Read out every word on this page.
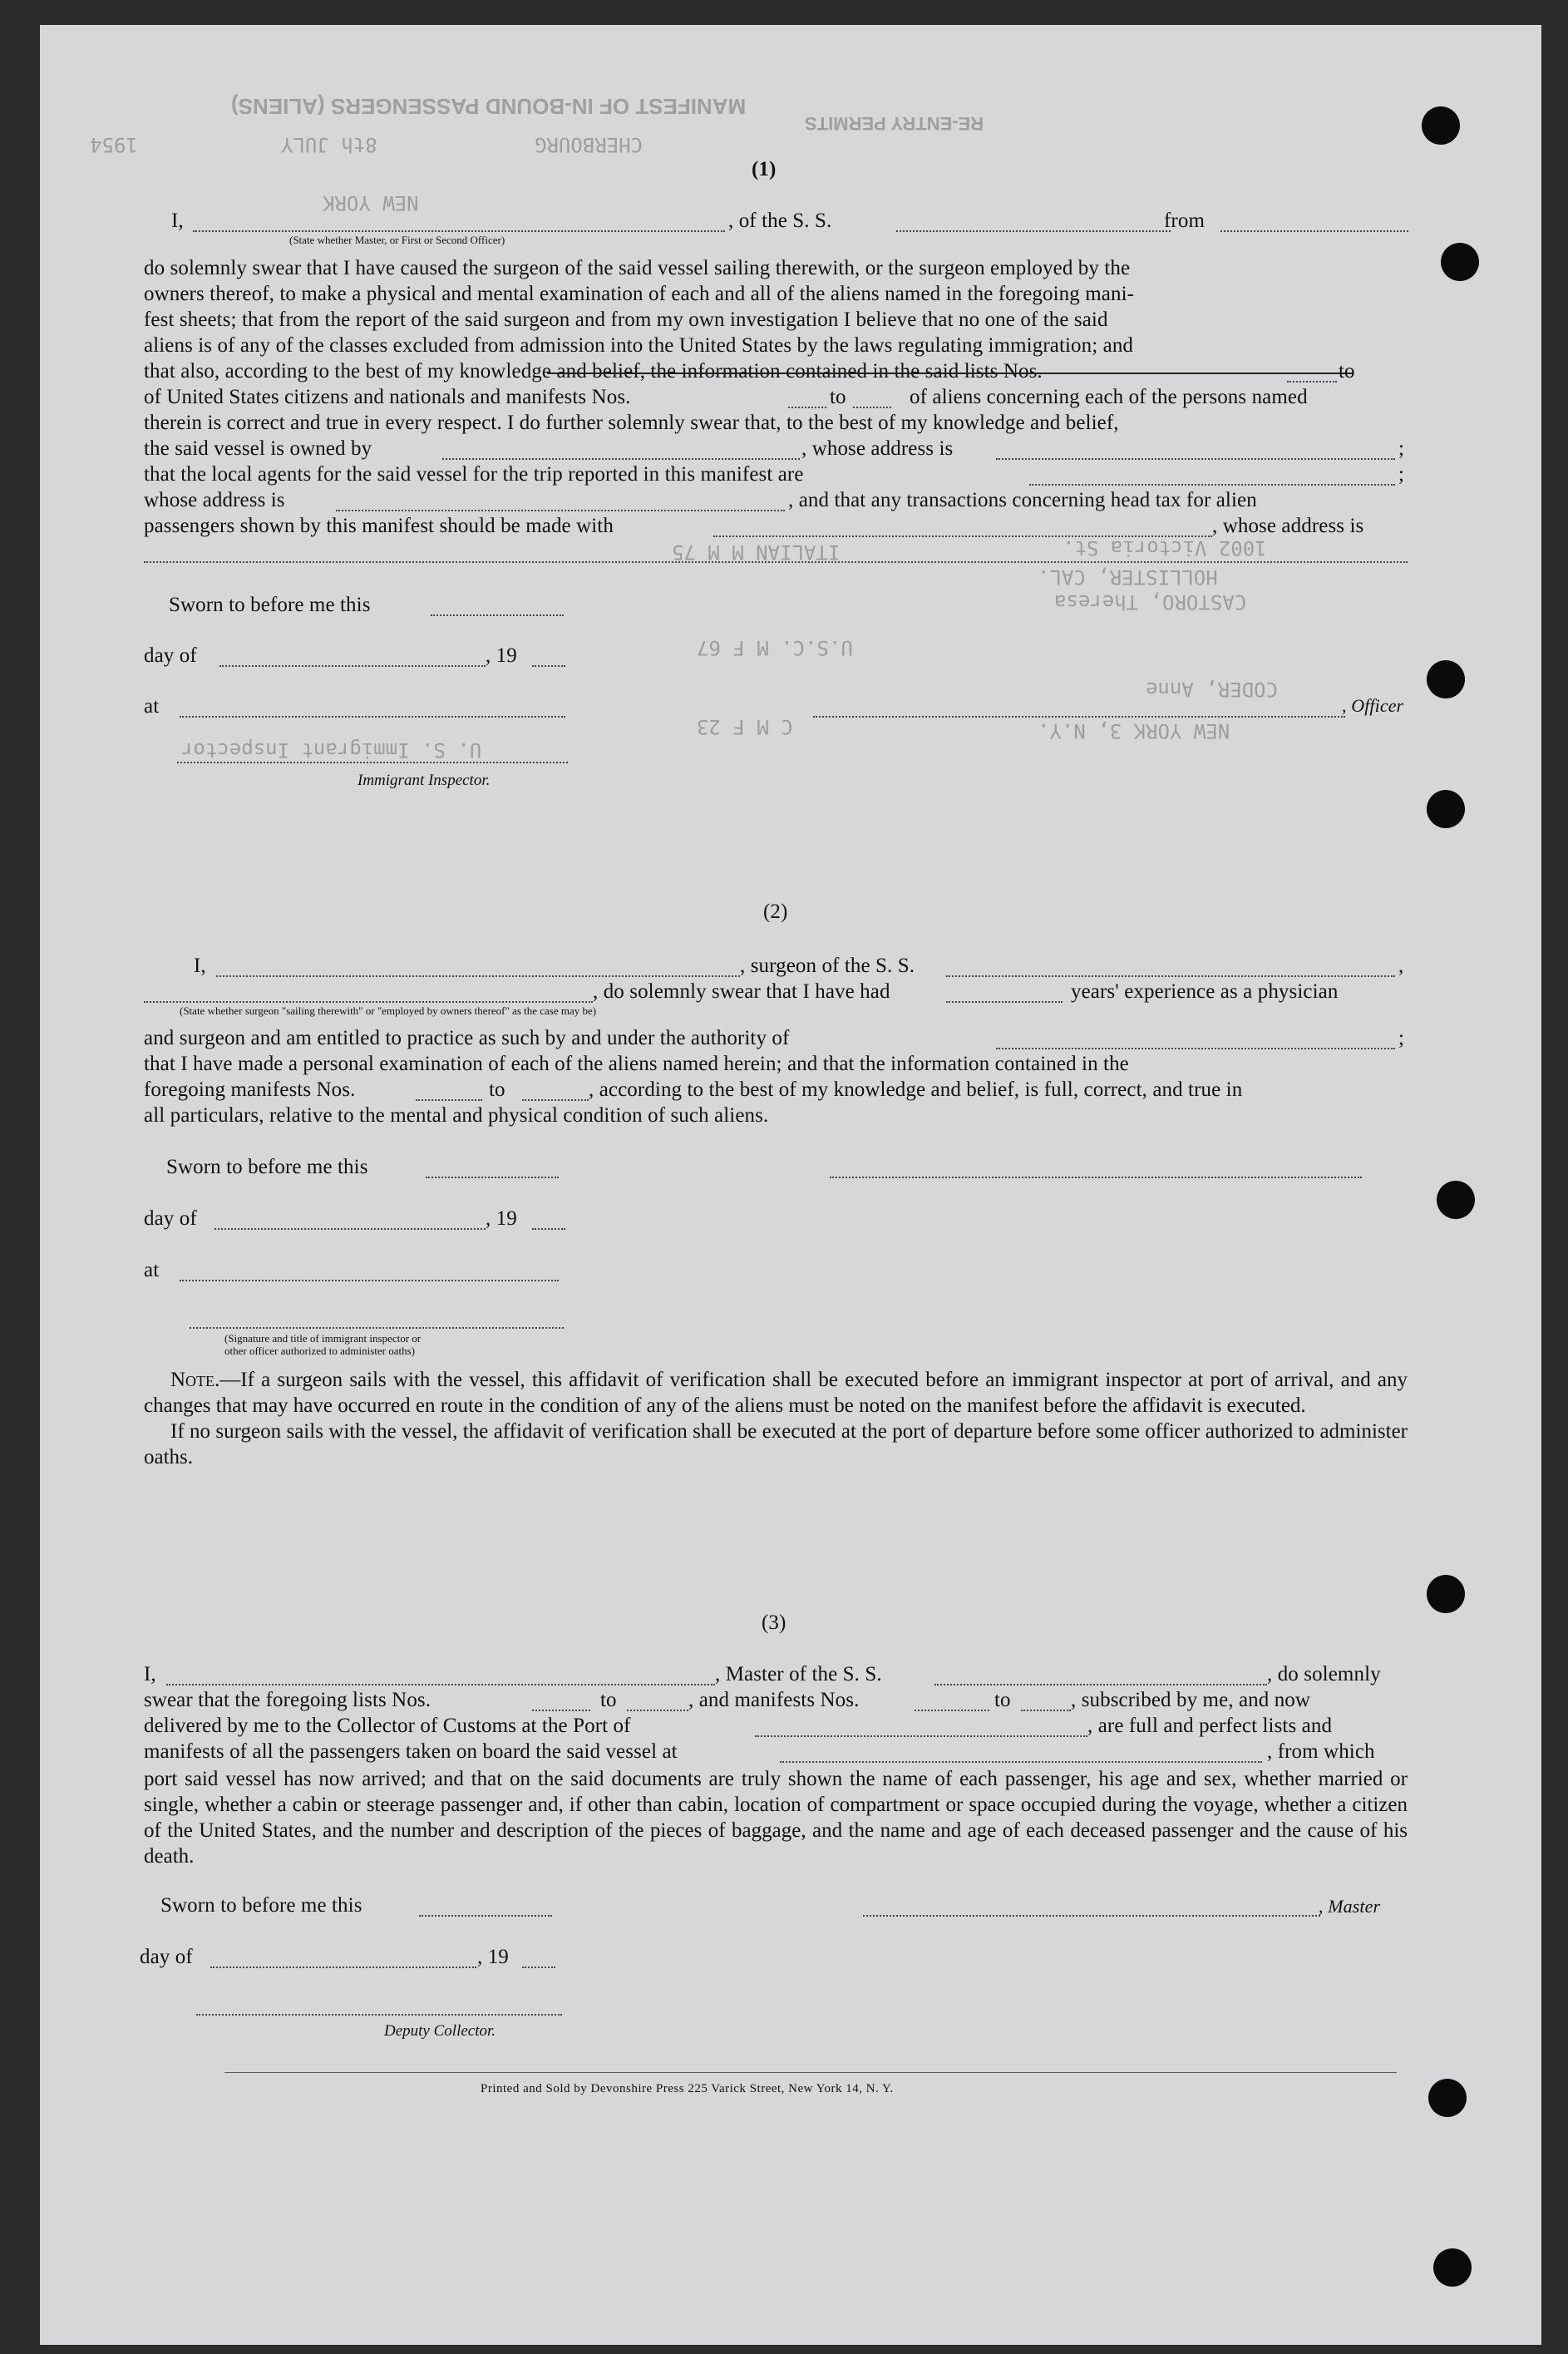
MANIFEST OF IN-BOUND PASSENGERS (ALIENS)
RE-ENTRY PERMITS
8th JULY
1954	CHERBOURG
NEW YORK
ITALIAN M M 75
HOLLISTER, CAL.
CASTORO, Theresa
1002 Victoria St.
U.S.C. M F 67
CODER, Anne
NEW YORK 3, N.Y.
C M F 23
U. S. Immigrant Inspector
(1)
I,
(State whether Master, or First or Second Officer)
, of the S. S.	from
do solemnly swear that I have caused the surgeon of the said vessel sailing therewith, or the surgeon employed by the
owners thereof, to make a physical and mental examination of each and all of the aliens named in the foregoing mani-
fest sheets; that from the report of the said surgeon and from my own investigation I believe that no one of the said
aliens is of any of the classes excluded from admission into the United States by the laws regulating immigration; and
that also, according to the best of my knowledge and belief, the information contained in the said lists Nos.	to
of United States citizens and nationals and manifests Nos.	to	of aliens concerning each of the persons named
therein is correct and true in every respect. I do further solemnly swear that, to the best of my knowledge and belief,
the said vessel is owned by	, whose address is	;
that the local agents for the said vessel for the trip reported in this manifest are	;
whose address is	, and that any transactions concerning head tax for alien
passengers shown by this manifest should be made with	, whose address is
Sworn to before me this
day of	, 19
at	, Officer
Immigrant Inspector.
(2)
I,	, surgeon of the S. S.	,
, do solemnly swear that I have had	years' experience as a physician
(State whether surgeon "sailing therewith" or "employed by owners thereof" as the case may be)
and surgeon and am entitled to practice as such by and under the authority of	;
that I have made a personal examination of each of the aliens named herein; and that the information contained in the
foregoing manifests Nos.	to	, according to the best of my knowledge and belief, is full, correct, and true in
all particulars, relative to the mental and physical condition of such aliens.
Sworn to before me this
day of	, 19
at
(Signature and title of immigrant inspector or
other officer authorized to administer oaths)

Note.—If a surgeon sails with the vessel, this affidavit of verification shall be executed before an immigrant inspector at port of arrival, and any changes that may have occurred en route in the condition of any of the aliens must be noted on the manifest before the affidavit is executed.

If no surgeon sails with the vessel, the affidavit of verification shall be executed at the port of departure before some officer authorized to administer oaths.

(3)
I,	, Master of the S. S.	, do solemnly
swear that the foregoing lists Nos.	to	, and manifests Nos.	to	, subscribed by me, and now
delivered by me to the Collector of Customs at the Port of	, are full and perfect lists and
manifests of all the passengers taken on board the said vessel at	, from which

port said vessel has now arrived; and that on the said documents are truly shown the name of each passenger, his age and sex, whether married or single, whether a cabin or steerage passenger and, if other than cabin, location of compartment or space occupied during the voyage, whether a citizen of the United States, and the number and description of the pieces of baggage, and the name and age of each deceased passenger and the cause of his death.

Sworn to before me this	, Master
day of	, 19
Deputy Collector.
Printed and Sold by Devonshire Press 225 Varick Street, New York 14, N. Y.
